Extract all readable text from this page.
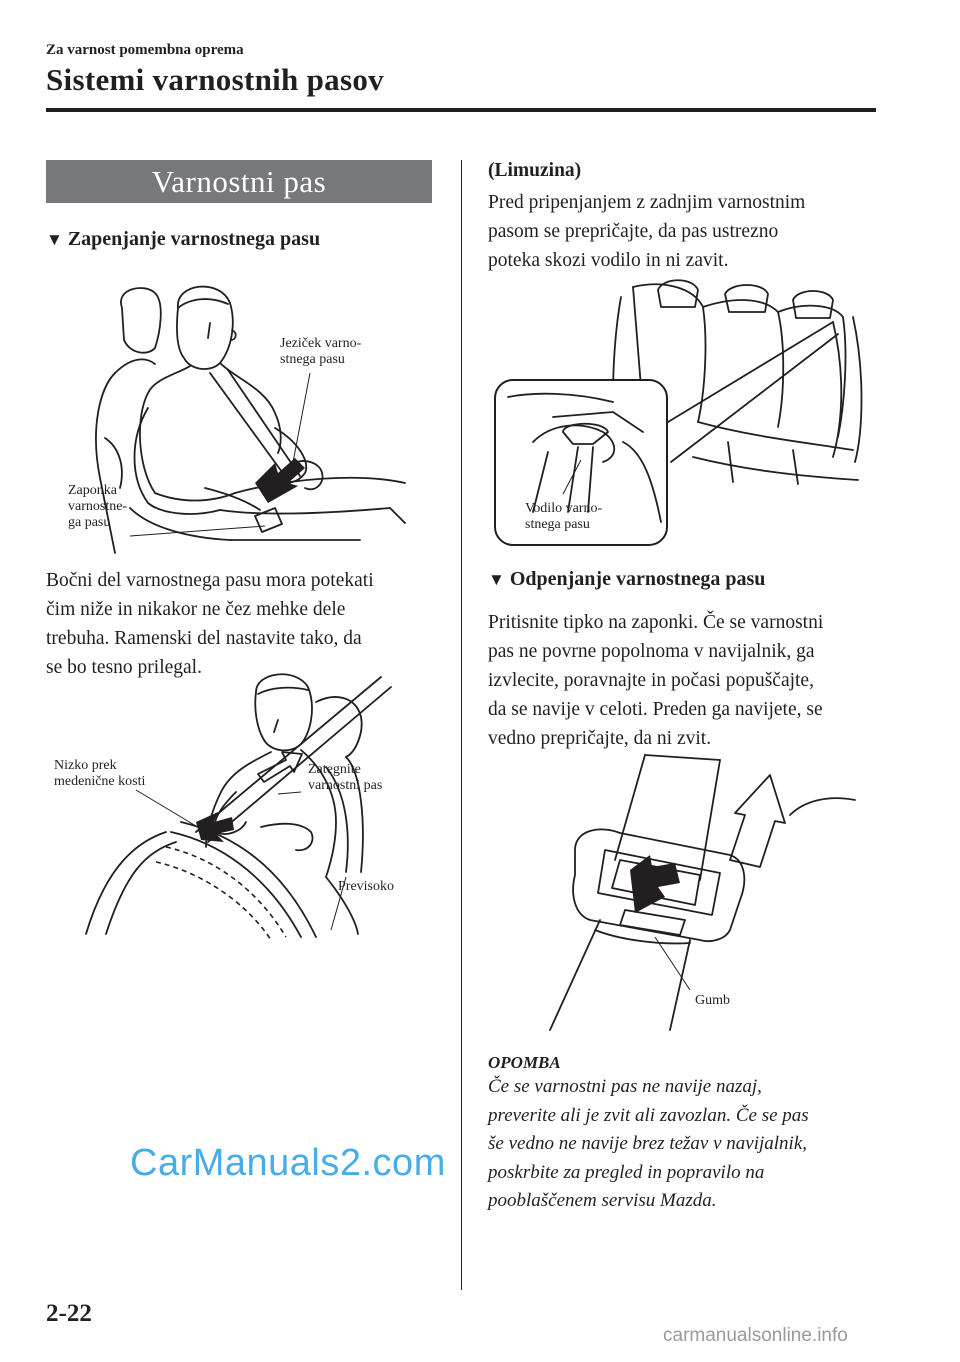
Za varnost pomembna oprema
Sistemi varnostnih pasov
Varnostni pas
▼ Zapenjanje varnostnega pasu
Jeziček varno-
stnega pasu
Zaponka
varnostne-
ga pasu
Bočni del varnostnega pasu mora potekati
čim niže in nikakor ne čez mehke dele
trebuha. Ramenski del nastavite tako, da
se bo tesno prilegal.
Nizko prek
medenične kosti
Zategnite
varnostni pas
Previsoko
(Limuzina)
Pred pripenjanjem z zadnjim varnostnim
pasom se prepričajte, da pas ustrezno
poteka skozi vodilo in ni zavit.
Vodilo varno-
stnega pasu
▼ Odpenjanje varnostnega pasu
Pritisnite tipko na zaponki. Če se varnostni
pas ne povrne popolnoma v navijalnik, ga
izvlecite, poravnajte in počasi popuščajte,
da se navije v celoti. Preden ga navijete, se
vedno prepričajte, da ni zvit.
Gumb
OPOMBA
Če se varnostni pas ne navije nazaj,
preverite ali je zvit ali zavozlan. Če se pas
še vedno ne navije brez težav v navijalnik,
poskrbite za pregled in popravilo na
pooblaščenem servisu Mazda.
2-22
CarManuals2.com
carmanualsonline.info
